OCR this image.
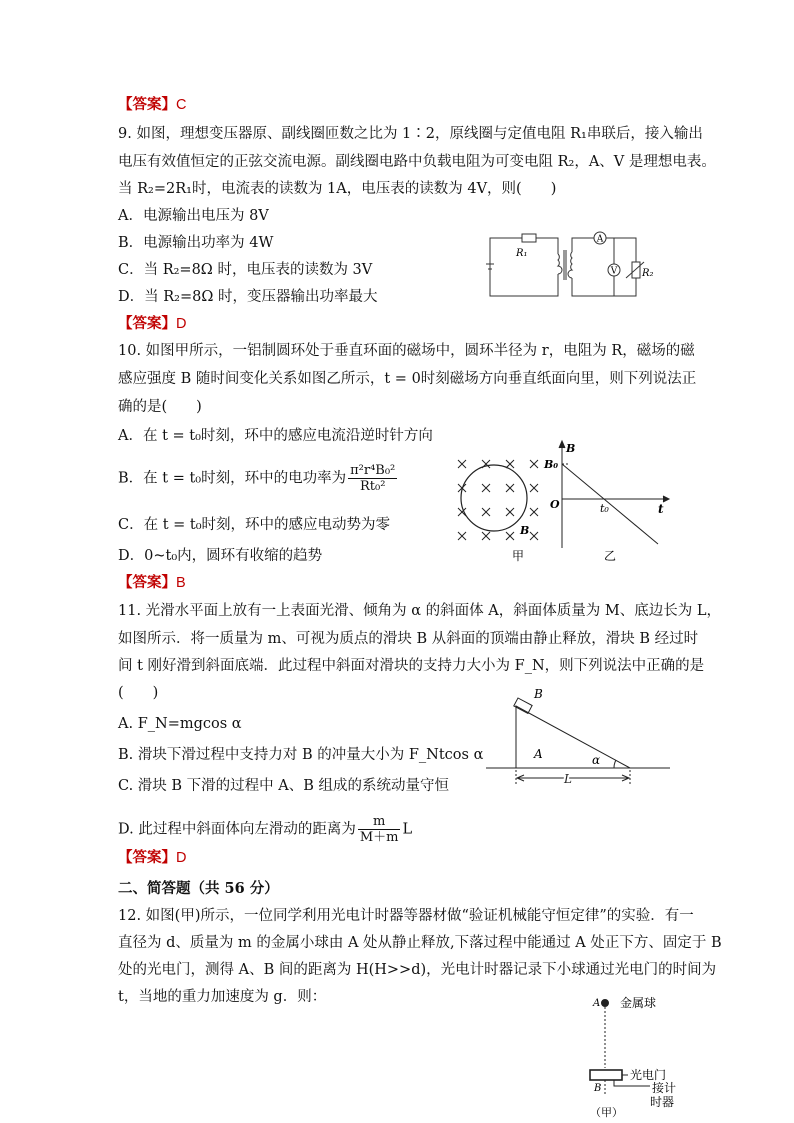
【答案】C
9. 如图，理想变压器原、副线圈匝数之比为 1∶2，原线圈与定值电阻 R₁串联后，接入输出
电压有效值恒定的正弦交流电源。副线圈电路中负载电阻为可变电阻 R₂，A、V 是理想电表。
当 R₂=2R₁时，电流表的读数为 1A，电压表的读数为 4V，则(　　)
A．电源输出电压为 8V
B．电源输出功率为 4W
C．当 R₂=8Ω 时，电压表的读数为 3V
D．当 R₂=8Ω 时，变压器输出功率最大
【答案】D
A
V
R₁
R₂
10. 如图甲所示，一铝制圆环处于垂直环面的磁场中，圆环半径为 r，电阻为 R，磁场的磁
感应强度 B 随时间变化关系如图乙所示，t = 0时刻磁场方向垂直纸面向里，则下列说法正
确的是(　　)
A．在 t = t₀时刻，环中的感应电流沿逆时针方向
B．在 t = t₀时刻，环中的电功率为 $\frac{\text{π²r⁴B₀²}}{\text{Rt₀²}}$
C．在 t = t₀时刻，环中的感应电动势为零
D．0~t₀内，圆环有收缩的趋势
【答案】B
B
甲
B
B₀
O	t₀	t
乙
11. 光滑水平面上放有一上表面光滑、倾角为 α 的斜面体 A，斜面体质量为 M、底边长为 L，
如图所示．将一质量为 m、可视为质点的滑块 B 从斜面的顶端由静止释放，滑块 B 经过时
间 t 刚好滑到斜面底端．此过程中斜面对滑块的支持力大小为 F_N，则下列说法中正确的是
(　　)
A. F_N=mgcos α
B. 滑块下滑过程中支持力对 B 的冲量大小为 F_Ntcos α
C. 滑块 B 下滑的过程中 A、B 组成的系统动量守恒
D. 此过程中斜面体向左滑动的距离为 $\frac{m}{M+m}$ L
【答案】D
B
A	α
L
二、简答题（共 56 分）
12. 如图(甲)所示，一位同学利用光电计时器等器材做“验证机械能守恒定律”的实验．有一
直径为 d、质量为 m 的金属小球由 A 处从静止释放,下落过程中能通过 A 处正下方、固定于 B
处的光电门，测得 A、B 间的距离为 H(H>>d)，光电计时器记录下小球通过光电门的时间为
t，当地的重力加速度为 g．则：	A 金属球
光电门
B	接计
时器
（甲）
